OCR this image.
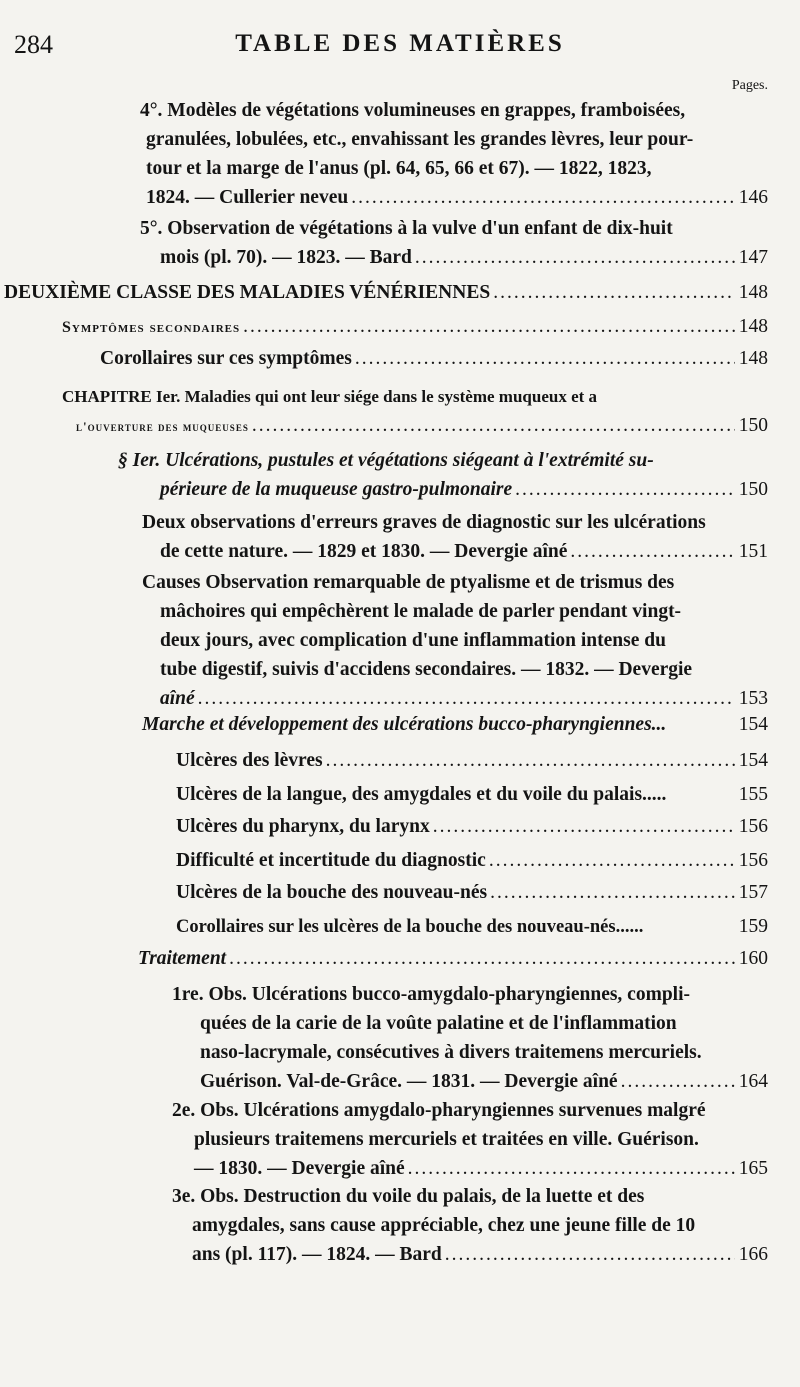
284	TABLE DES MATIÈRES
Pages.
4°. Modèles de végétations volumineuses en grappes, framboisées,
granulées, lobulées, etc., envahissant les grandes lèvres, leur pour-
tour et la marge de l'anus (pl. 64, 65, 66 et 67). — 1822, 1823,
1824. — Cullerier neveu .....	146
5°. Observation de végétations à la vulve d'un enfant de dix-huit
mois (pl. 70). — 1823. — Bard .....	147
DEUXIÈME CLASSE DES MALADIES VÉNÉRIENNES .....	148
Symptômes secondaires .....	148
Corollaires sur ces symptômes .....	148
CHAPITRE Ier. Maladies qui ont leur siége dans le système muqueux et a
l'ouverture des muqueuses .....	150
§ Ier. Ulcérations, pustules et végétations siégeant à l'extrémité su-
périeure de la muqueuse gastro-pulmonaire .....	150
Deux observations d'erreurs graves de diagnostic sur les ulcérations
de cette nature. — 1829 et 1830. — Devergie aîné .....	151
Causes Observation remarquable de ptyalisme et de trismus des
mâchoires qui empêchèrent le malade de parler pendant vingt-
deux jours, avec complication d'une inflammation intense du
tube digestif, suivis d'accidens secondaires. — 1832. — Devergie
aîné .....	153
Marche et développement des ulcérations bucco-pharyngiennes...	154
Ulcères des lèvres .....	154
Ulcères de la langue, des amygdales et du voile du palais.....	155
Ulcères du pharynx, du larynx .....	156
Difficulté et incertitude du diagnostic .....	156
Ulcères de la bouche des nouveau-nés .....	157
Corollaires sur les ulcères de la bouche des nouveau-nés......	159
Traitement .....	160
1re. Obs. Ulcérations bucco-amygdalo-pharyngiennes, compli-
quées de la carie de la voûte palatine et de l'inflammation
naso-lacrymale, consécutives à divers traitemens mercuriels.
Guérison. Val-de-Grâce. — 1831. — Devergie aîné .....	164
2e. Obs. Ulcérations amygdalo-pharyngiennes survenues malgré
plusieurs traitemens mercuriels et traitées en ville. Guérison.
— 1830. — Devergie aîné .....	165
3e. Obs. Destruction du voile du palais, de la luette et des
amygdales, sans cause appréciable, chez une jeune fille de 10
ans (pl. 117). — 1824. — Bard .....	166
